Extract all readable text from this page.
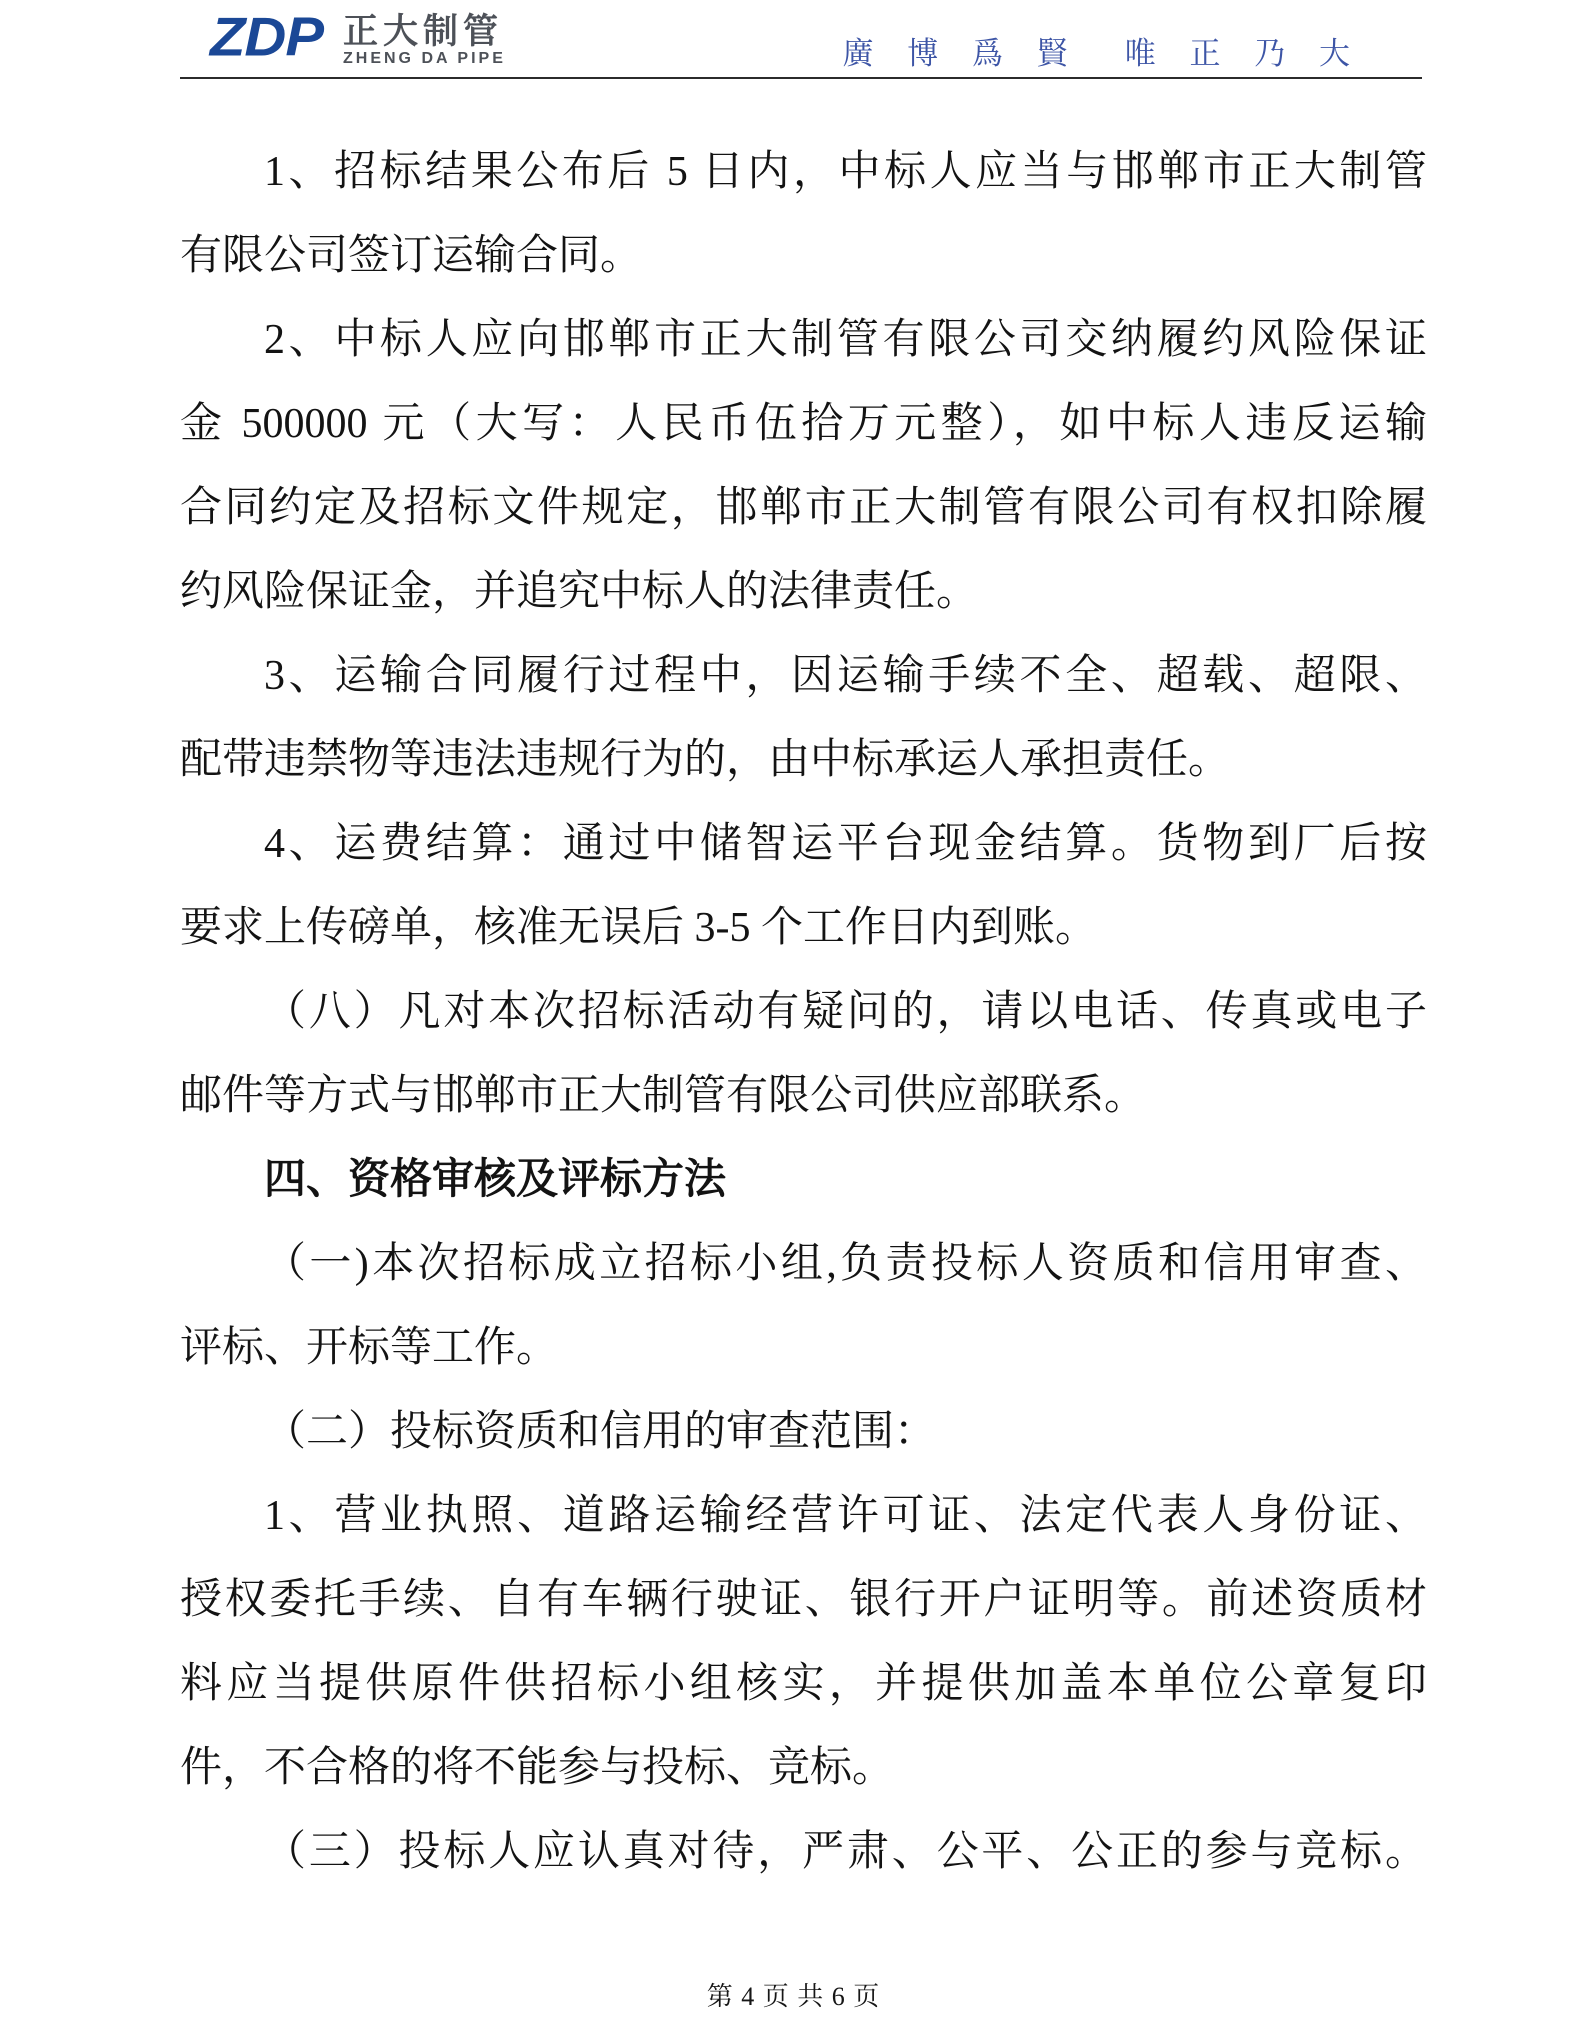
ZDP 正大制管
ZHENG DA PIPE	廣 博 爲 賢　唯 正 乃 大
1、招标结果公布后 5 日内，中标人应当与邯郸市正大制管
有限公司签订运输合同。
2、中标人应向邯郸市正大制管有限公司交纳履约风险保证
金 500000 元（大写：人民币伍拾万元整），如中标人违反运输
合同约定及招标文件规定，邯郸市正大制管有限公司有权扣除履
约风险保证金，并追究中标人的法律责任。
3、运输合同履行过程中，因运输手续不全、超载、超限、
配带违禁物等违法违规行为的，由中标承运人承担责任。
4、运费结算：通过中储智运平台现金结算。货物到厂后按
要求上传磅单，核准无误后 3-5 个工作日内到账。
（八）凡对本次招标活动有疑问的，请以电话、传真或电子
邮件等方式与邯郸市正大制管有限公司供应部联系。
四、资格审核及评标方法
（一)本次招标成立招标小组,负责投标人资质和信用审查、
评标、开标等工作。
（二）投标资质和信用的审查范围：
1、营业执照、道路运输经营许可证、法定代表人身份证、
授权委托手续、自有车辆行驶证、银行开户证明等。前述资质材
料应当提供原件供招标小组核实，并提供加盖本单位公章复印
件，不合格的将不能参与投标、竞标。
（三）投标人应认真对待，严肃、公平、公正的参与竞标。
第 4 页 共 6 页
